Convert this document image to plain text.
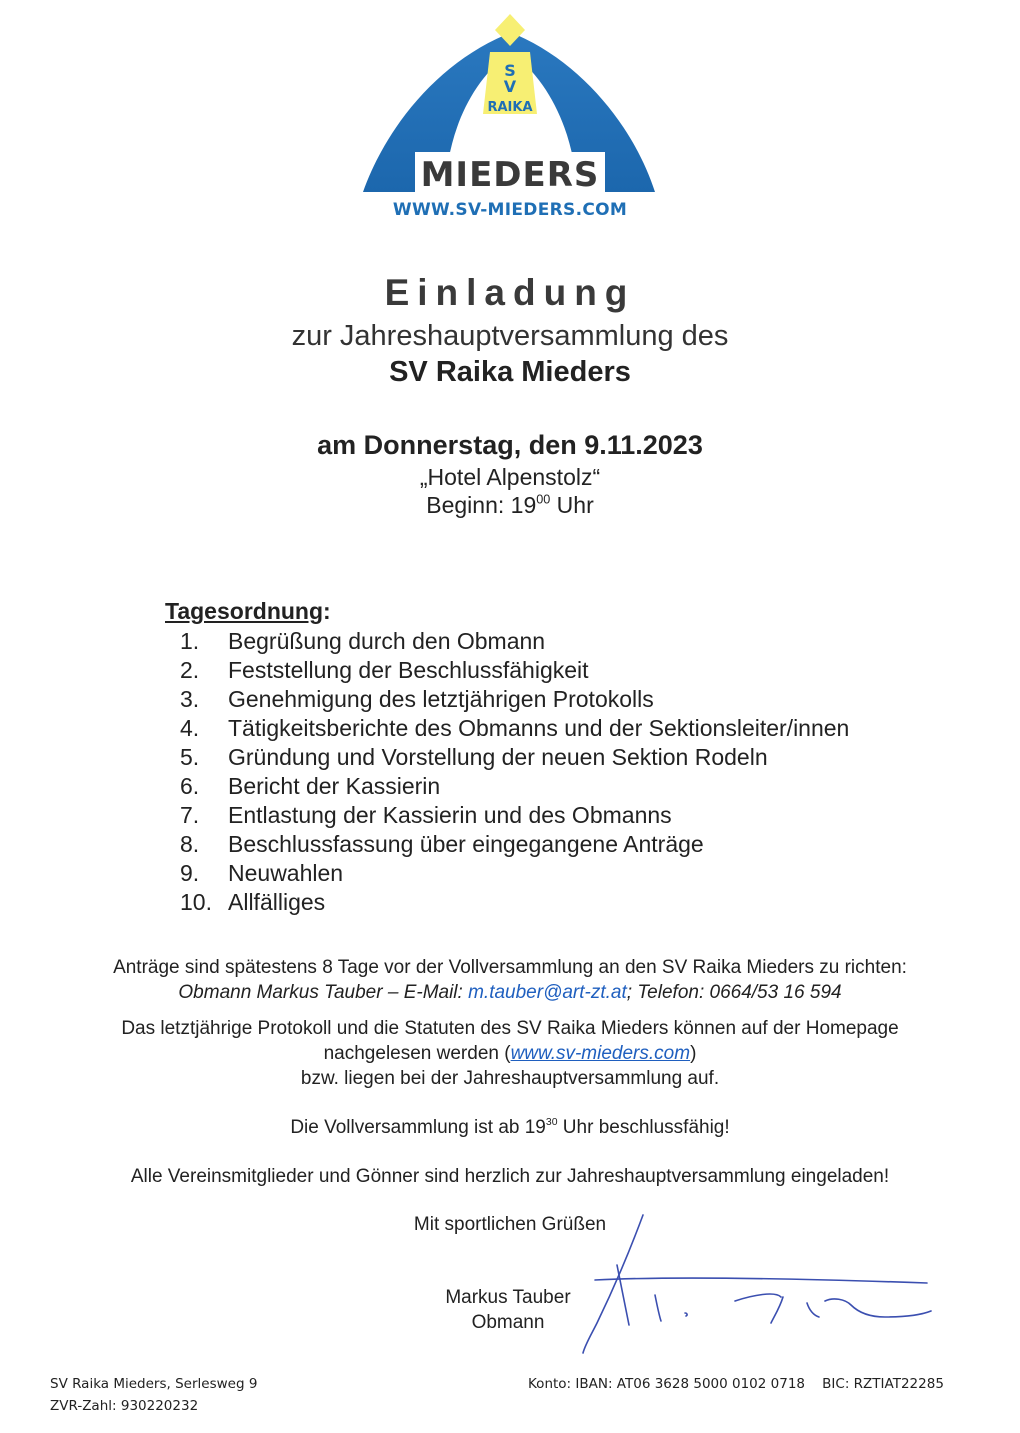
S
V
RAIKA
MIEDERS
WWW.SV-MIEDERS.COM
Einladung
zur Jahreshauptversammlung des
SV Raika Mieders
am Donnerstag, den 9.11.2023
„Hotel Alpenstolz“
Beginn: $19^{00}$ Uhr
Tagesordnung:
1. Begrüßung durch den Obmann
2. Feststellung der Beschlussfähigkeit
3. Genehmigung des letztjährigen Protokolls
4. Tätigkeitsberichte des Obmanns und der Sektionsleiter/innen
5. Gründung und Vorstellung der neuen Sektion Rodeln
6. Bericht der Kassierin
7. Entlastung der Kassierin und des Obmanns
8. Beschlussfassung über eingegangene Anträge
9. Neuwahlen
10. Allfälliges
Anträge sind spätestens 8 Tage vor der Vollversammlung an den SV Raika Mieders zu richten:
Obmann Markus Tauber – E-Mail: m.tauber@art-zt.at; Telefon: 0664/53 16 594
Das letztjährige Protokoll und die Statuten des SV Raika Mieders können auf der Homepage
nachgelesen werden (www.sv-mieders.com)
bzw. liegen bei der Jahreshauptversammlung auf.
Die Vollversammlung ist ab $19^{30}$ Uhr beschlussfähig!
Alle Vereinsmitglieder und Gönner sind herzlich zur Jahreshauptversammlung eingeladen!
Mit sportlichen Grüßen
Markus Tauber
Obmann
SV Raika Mieders, Serlesweg 9
ZVR-Zahl: 930220232
Konto: IBAN: AT06 3628 5000 0102 0718    BIC: RZTIAT22285
